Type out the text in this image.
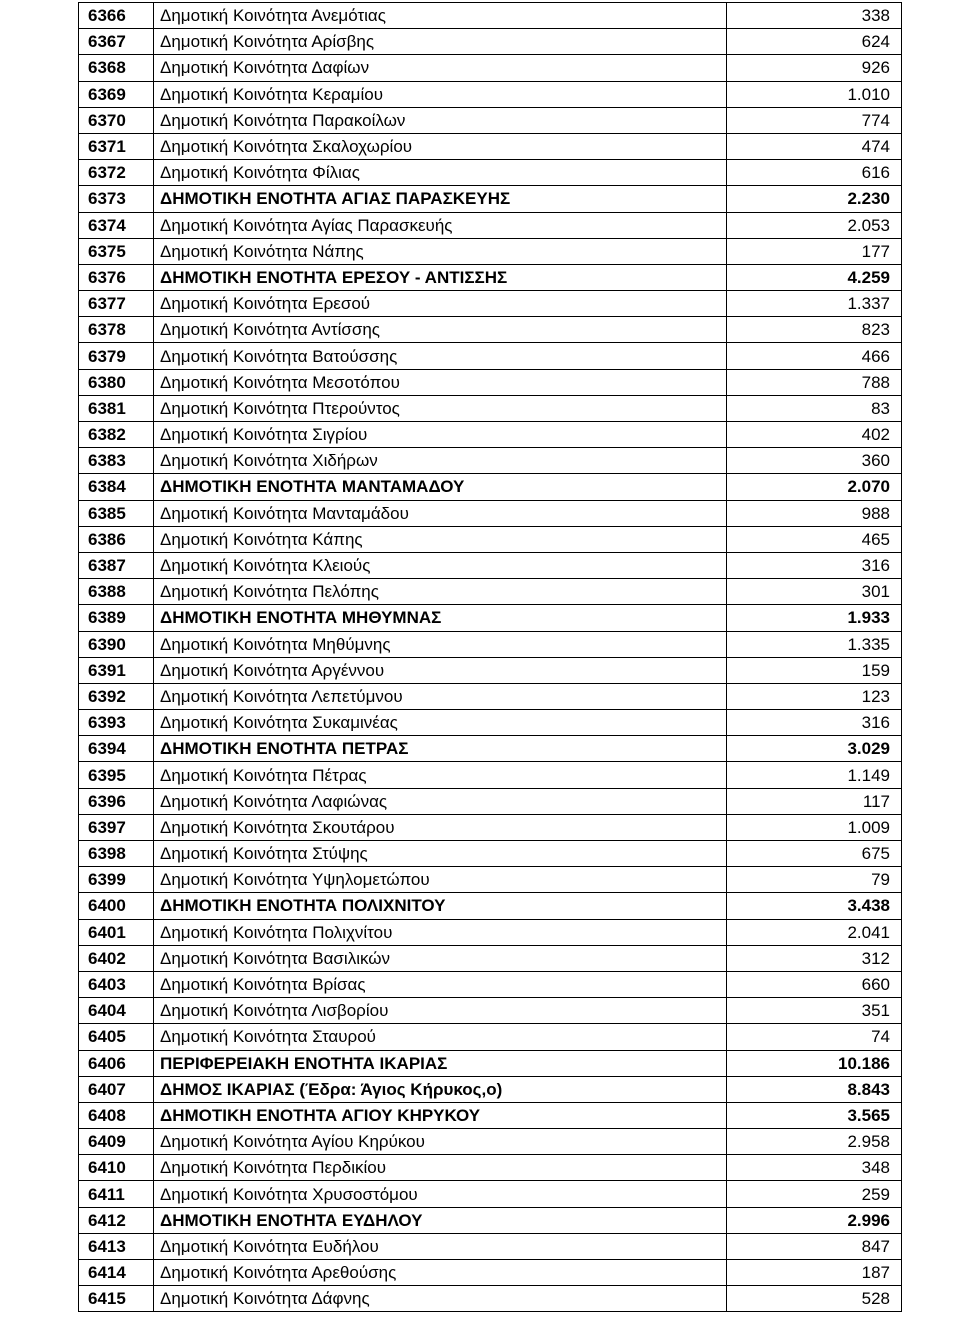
6366	Δημοτική Κοινότητα Ανεμότιας	338
6367	Δημοτική Κοινότητα Αρίσβης	624
6368	Δημοτική Κοινότητα Δαφίων	926
6369	Δημοτική Κοινότητα Κεραμίου	1.010
6370	Δημοτική Κοινότητα Παρακοίλων	774
6371	Δημοτική Κοινότητα Σκαλοχωρίου	474
6372	Δημοτική Κοινότητα Φίλιας	616
6373	ΔΗΜΟΤΙΚΗ ΕΝΟΤΗΤΑ ΑΓΙΑΣ ΠΑΡΑΣΚΕΥΗΣ	2.230
6374	Δημοτική Κοινότητα Αγίας Παρασκευής	2.053
6375	Δημοτική Κοινότητα Νάπης	177
6376	ΔΗΜΟΤΙΚΗ ΕΝΟΤΗΤΑ ΕΡΕΣΟΥ - ΑΝΤΙΣΣΗΣ	4.259
6377	Δημοτική Κοινότητα Ερεσού	1.337
6378	Δημοτική Κοινότητα Αντίσσης	823
6379	Δημοτική Κοινότητα Βατούσσης	466
6380	Δημοτική Κοινότητα Μεσοτόπου	788
6381	Δημοτική Κοινότητα Πτερούντος	83
6382	Δημοτική Κοινότητα Σιγρίου	402
6383	Δημοτική Κοινότητα Χιδήρων	360
6384	ΔΗΜΟΤΙΚΗ ΕΝΟΤΗΤΑ ΜΑΝΤΑΜΑΔΟΥ	2.070
6385	Δημοτική Κοινότητα Μανταμάδου	988
6386	Δημοτική Κοινότητα Κάπης	465
6387	Δημοτική Κοινότητα Κλειούς	316
6388	Δημοτική Κοινότητα Πελόπης	301
6389	ΔΗΜΟΤΙΚΗ ΕΝΟΤΗΤΑ ΜΗΘΥΜΝΑΣ	1.933
6390	Δημοτική Κοινότητα Μηθύμνης	1.335
6391	Δημοτική Κοινότητα Αργέννου	159
6392	Δημοτική Κοινότητα Λεπετύμνου	123
6393	Δημοτική Κοινότητα Συκαμινέας	316
6394	ΔΗΜΟΤΙΚΗ ΕΝΟΤΗΤΑ ΠΕΤΡΑΣ	3.029
6395	Δημοτική Κοινότητα Πέτρας	1.149
6396	Δημοτική Κοινότητα Λαφιώνας	117
6397	Δημοτική Κοινότητα Σκουτάρου	1.009
6398	Δημοτική Κοινότητα Στύψης	675
6399	Δημοτική Κοινότητα Υψηλομετώπου	79
6400	ΔΗΜΟΤΙΚΗ ΕΝΟΤΗΤΑ ΠΟΛΙΧΝΙΤΟΥ	3.438
6401	Δημοτική Κοινότητα Πολιχνίτου	2.041
6402	Δημοτική Κοινότητα Βασιλικών	312
6403	Δημοτική Κοινότητα Βρίσας	660
6404	Δημοτική Κοινότητα Λισβορίου	351
6405	Δημοτική Κοινότητα Σταυρού	74
6406	ΠΕΡΙΦΕΡΕΙΑΚΗ ΕΝΟΤΗΤΑ ΙΚΑΡΙΑΣ	10.186
6407	ΔΗΜΟΣ ΙΚΑΡΙΑΣ (Έδρα: Άγιος Κήρυκος,ο)	8.843
6408	ΔΗΜΟΤΙΚΗ ΕΝΟΤΗΤΑ ΑΓΙΟΥ ΚΗΡΥΚΟΥ	3.565
6409	Δημοτική Κοινότητα Αγίου Κηρύκου	2.958
6410	Δημοτική Κοινότητα Περδικίου	348
6411	Δημοτική Κοινότητα Χρυσοστόμου	259
6412	ΔΗΜΟΤΙΚΗ ΕΝΟΤΗΤΑ ΕΥΔΗΛΟΥ	2.996
6413	Δημοτική Κοινότητα Ευδήλου	847
6414	Δημοτική Κοινότητα Αρεθούσης	187
6415	Δημοτική Κοινότητα Δάφνης	528
